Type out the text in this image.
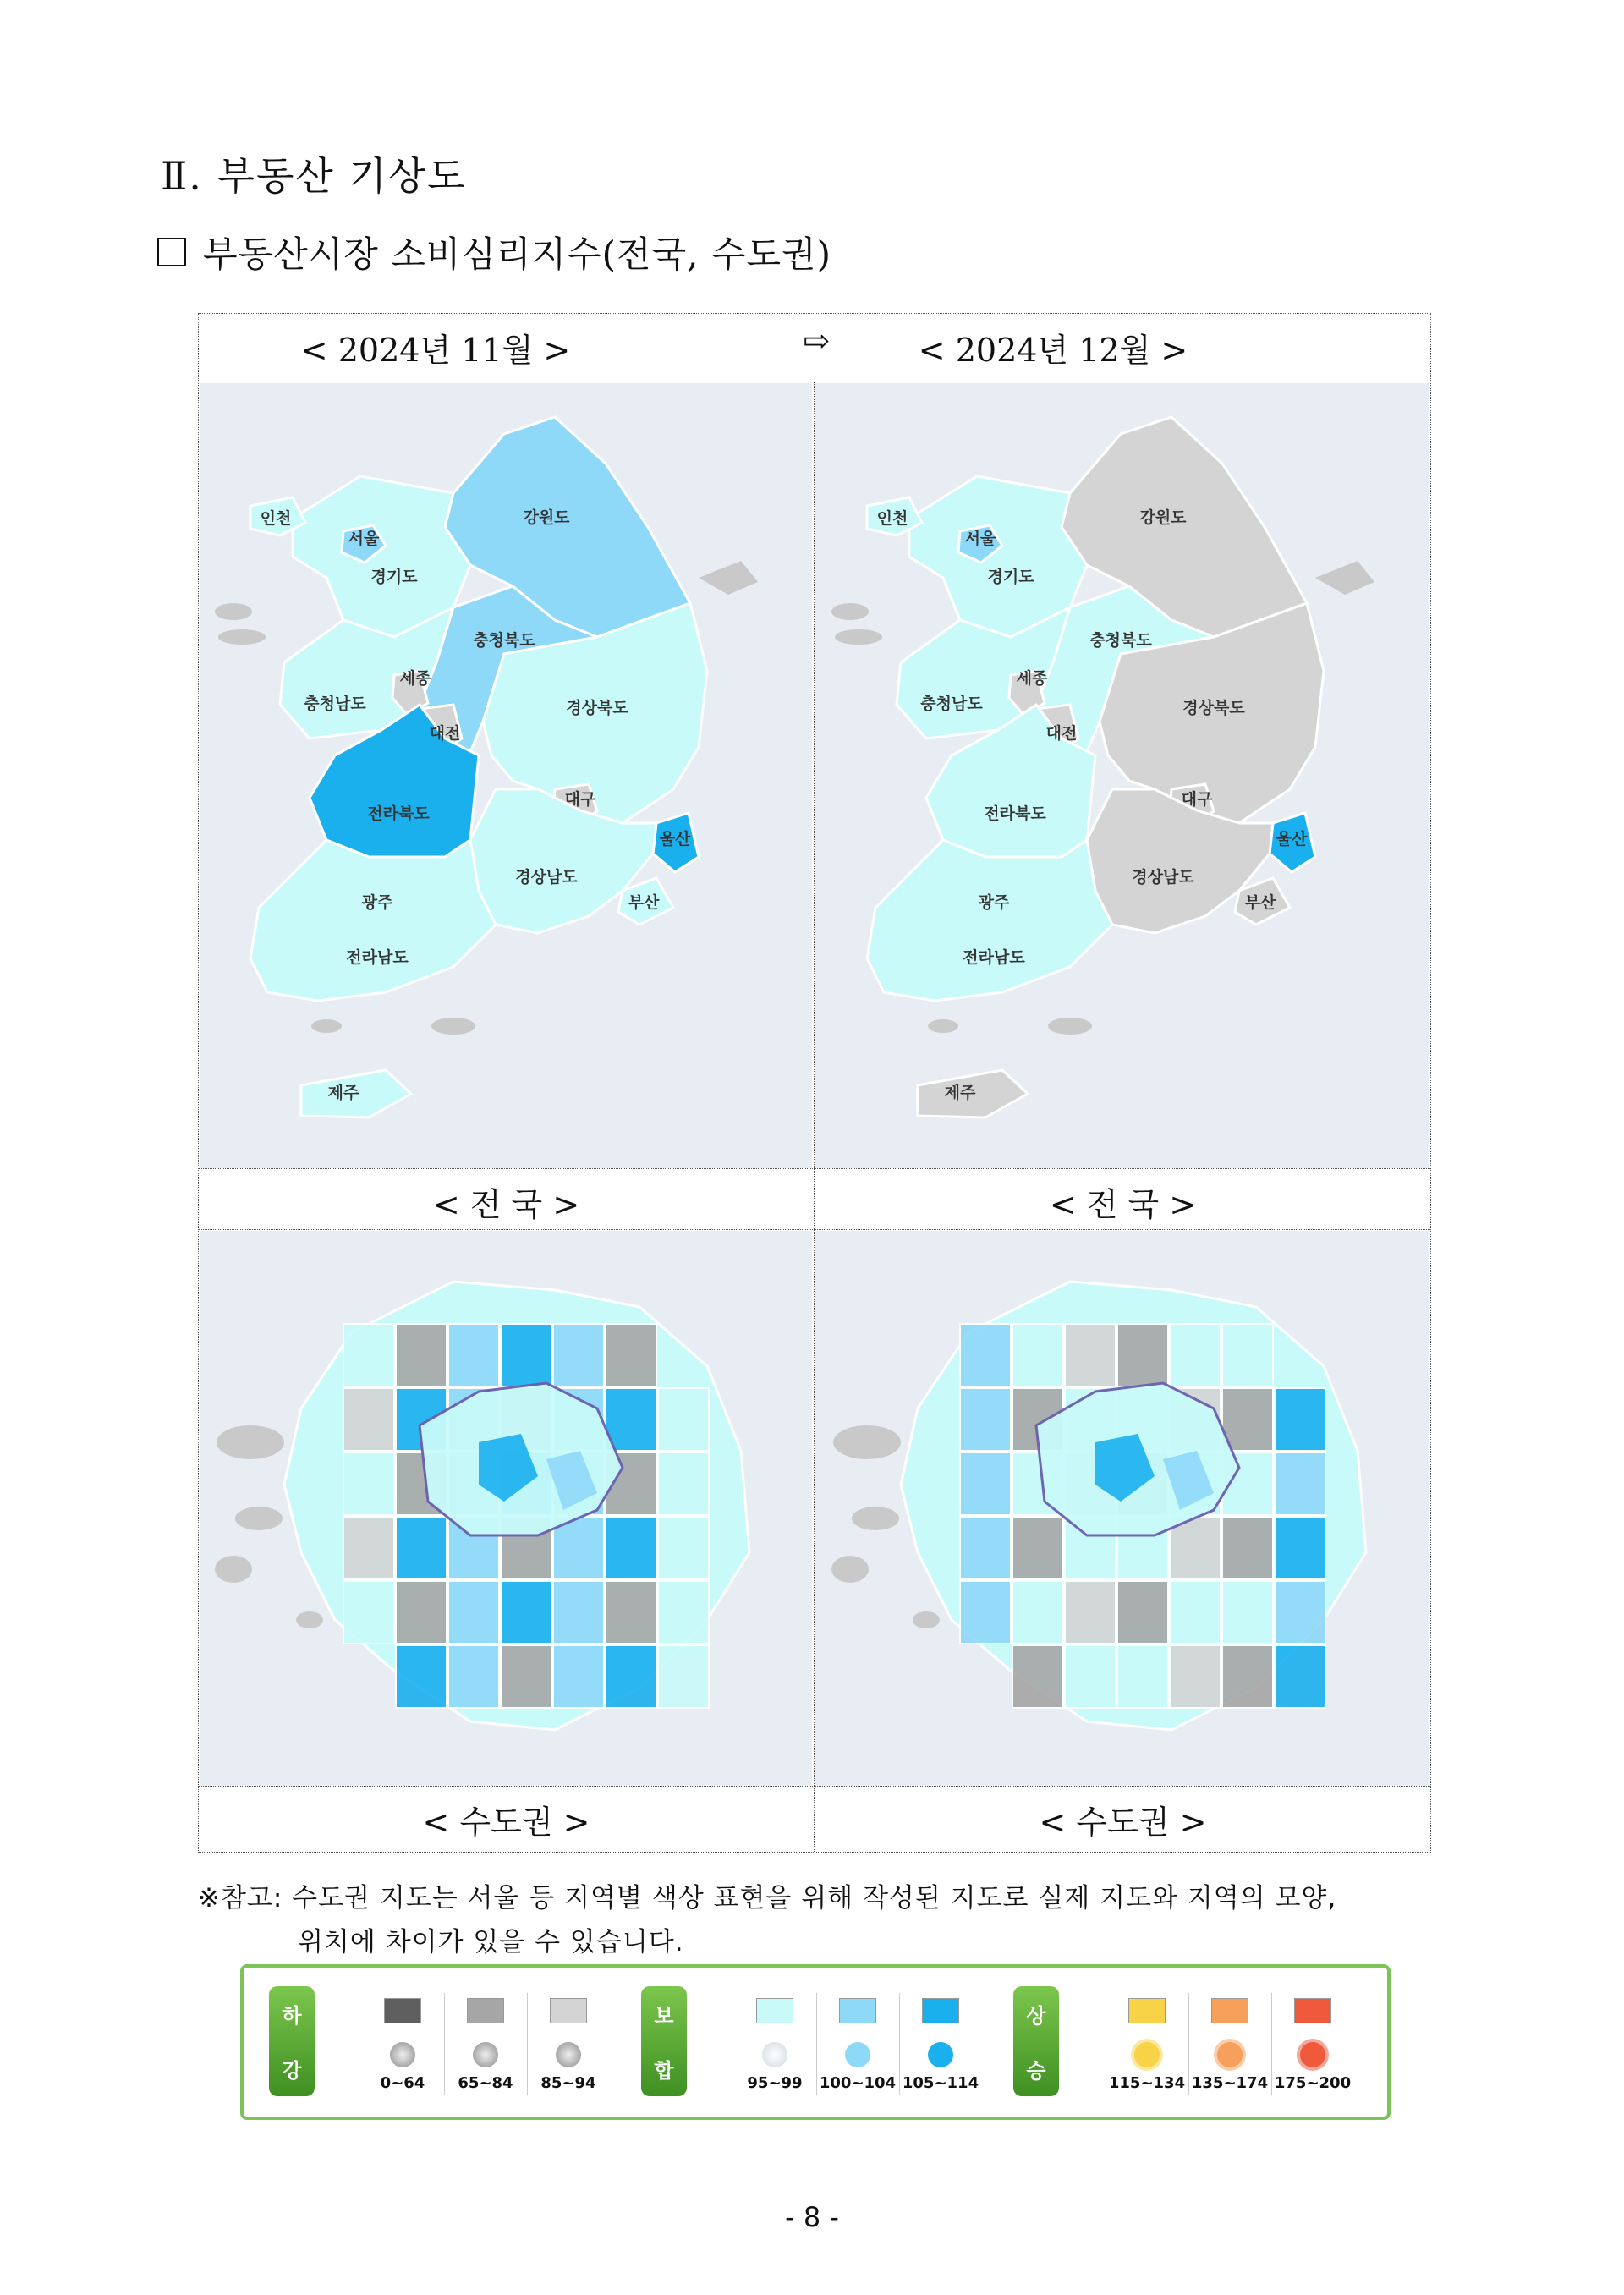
Ⅱ. 부동산 기상도
부동산시장 소비심리지수(전국, 수도권)
< 2024년 11월 >	⇨	< 2024년 12월 >
인천
서울
경기도
강원도
충청북도
세종
충청남도
대전
경상북도
대구
전라북도
울산
경상남도
부산
광주
전라남도
제주
인천
서울
경기도
강원도
충청북도
세종
충청남도
대전
경상북도
대구
전라북도
울산
경상남도
부산
광주
전라남도
제주
< 전 국 >	< 전 국 >
< 수도권 >	< 수도권 >
※참고: 수도권 지도는 서울 등 지역별 색상 표현을 위해 작성된 지도로 실제 지도와 지역의 모양,
위치에 차이가 있을 수 있습니다.
하
강
0~64	65~84	85~94
보
합
95~99	100~104 105~114
상
승
115~134 135~174 175~200
- 8 -
